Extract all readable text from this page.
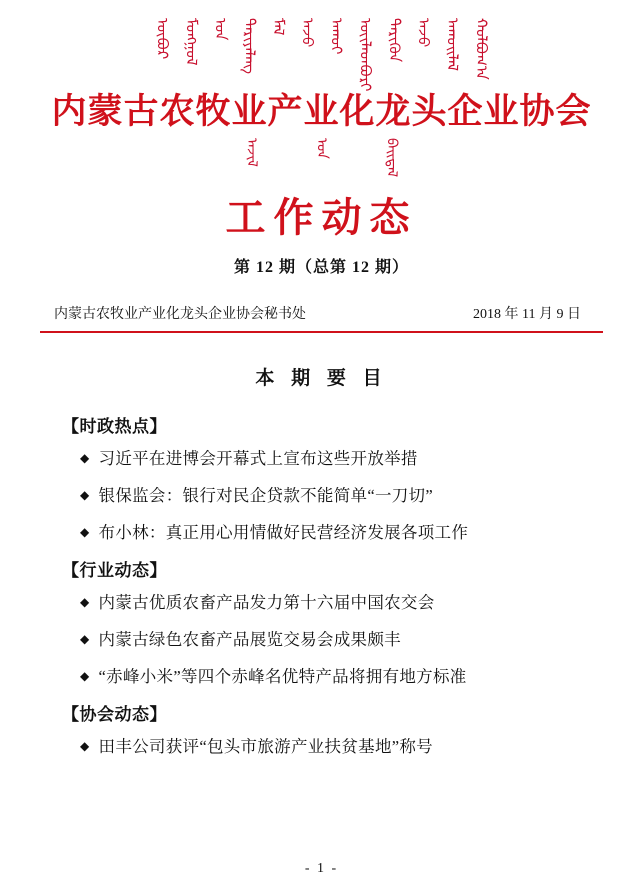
ᠦᠪᠦᠷ ᠮᠣᠩᠭᠣᠯ ᠤᠨ ᠲᠠᠷᠢᠶᠠᠯᠠᠩ ᠮᠠᠯ ᠠᠵᠤ ᠠᠬᠤᠢ ᠦᠢᠯᠡᠳᠪᠦᠷᠢ ᠲᠡᠷᠢᠭᠦᠨ ᠠᠵᠤ ᠠᠬᠤᠢᠯᠠᠯ ᠬᠣᠯᠪᠣᠭ᠎ᠠ
内蒙古农牧业产业化龙头企业协会
ᠠᠵᠢᠯ	ᠤᠨ	ᠪᠠᠢᠳᠠᠯ
工作动态
第 12 期（总第 12 期）
内蒙古农牧业产业化龙头企业协会秘书处	2018 年 11 月 9 日
本 期 要 目
【时政热点】
◆ 习近平在进博会开幕式上宣布这些开放举措
◆ 银保监会：银行对民企贷款不能简单“一刀切”
◆ 布小林：真正用心用情做好民营经济发展各项工作
【行业动态】
◆ 内蒙古优质农畜产品发力第十六届中国农交会
◆ 内蒙古绿色农畜产品展览交易会成果颇丰
◆ “赤峰小米”等四个赤峰名优特产品将拥有地方标准
【协会动态】
◆ 田丰公司获评“包头市旅游产业扶贫基地”称号
- 1 -
